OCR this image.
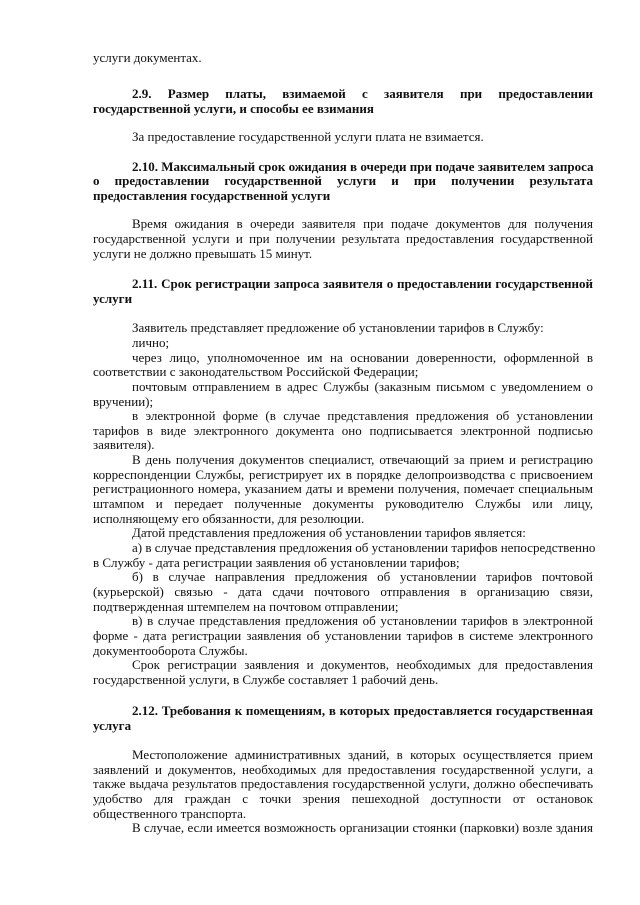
услуги документах.
2.9. Размер платы, взимаемой с заявителя при предоставлении
государственной услуги, и способы ее взимания
За предоставление государственной услуги плата не взимается.
2.10. Максимальный срок ожидания в очереди при подаче заявителем запроса
о предоставлении государственной услуги и при получении результата
предоставления государственной услуги
Время ожидания в очереди заявителя при подаче документов для получения
государственной услуги и при получении результата предоставления государственной
услуги не должно превышать 15 минут.
2.11. Срок регистрации запроса заявителя о предоставлении государственной
услуги
Заявитель представляет предложение об установлении тарифов в Службу:
лично;
через лицо, уполномоченное им на основании доверенности, оформленной в
соответствии с законодательством Российской Федерации;
почтовым отправлением в адрес Службы (заказным письмом с уведомлением о
вручении);
в электронной форме (в случае представления предложения об установлении
тарифов в виде электронного документа оно подписывается электронной подписью
заявителя).
В день получения документов специалист, отвечающий за прием и регистрацию
корреспонденции Службы, регистрирует их в порядке делопроизводства с присвоением
регистрационного номера, указанием даты и времени получения, помечает специальным
штампом и передает полученные документы руководителю Службы или лицу,
исполняющему его обязанности, для резолюции.
Датой представления предложения об установлении тарифов является:
а) в случае представления предложения об установлении тарифов непосредственно
в Службу - дата регистрации заявления об установлении тарифов;
б) в случае направления предложения об установлении тарифов почтовой
(курьерской) связью - дата сдачи почтового отправления в организацию связи,
подтвержденная штемпелем на почтовом отправлении;
в) в случае представления предложения об установлении тарифов в электронной
форме - дата регистрации заявления об установлении тарифов в системе электронного
документооборота Службы.
Срок регистрации заявления и документов, необходимых для предоставления
государственной услуги, в Службе составляет 1 рабочий день.
2.12. Требования к помещениям, в которых предоставляется государственная
услуга
Местоположение административных зданий, в которых осуществляется прием
заявлений и документов, необходимых для предоставления государственной услуги, а
также выдача результатов предоставления государственной услуги, должно обеспечивать
удобство для граждан с точки зрения пешеходной доступности от остановок
общественного транспорта.
В случае, если имеется возможность организации стоянки (парковки) возле здания
